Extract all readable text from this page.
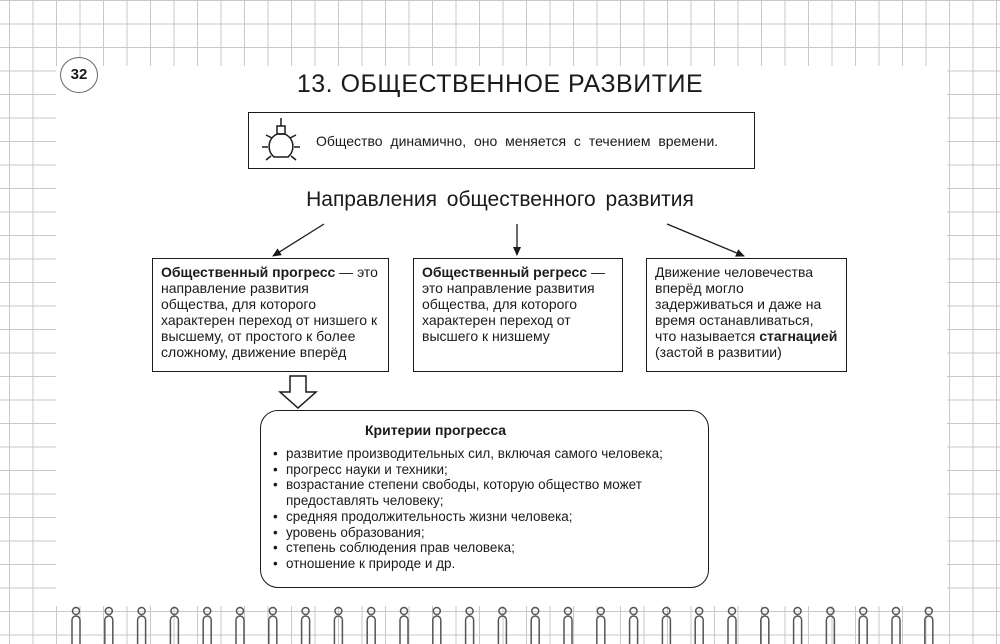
32	13. ОБЩЕСТВЕННОЕ РАЗВИТИЕ
Общество динамично, оно меняется с течением времени.
Направления общественного развития
Общественный прогресс — это направление развития общества, для которого характерен переход от низшего к высшему, от простого к более сложному, движение вперёд
Общественный регресс — это направление развития общества, для которого характерен переход от высшего к низшему
Движение человечества вперёд могло задерживаться и даже на время останавливаться, что называется стагнацией (застой в развитии)
Критерии прогресса
• развитие производительных сил, включая самого человека;
• прогресс науки и техники;
• возрастание степени свободы, которую общество может предоставлять человеку;
• средняя продолжительность жизни человека;
• уровень образования;
• степень соблюдения прав человека;
• отношение к природе и др.
